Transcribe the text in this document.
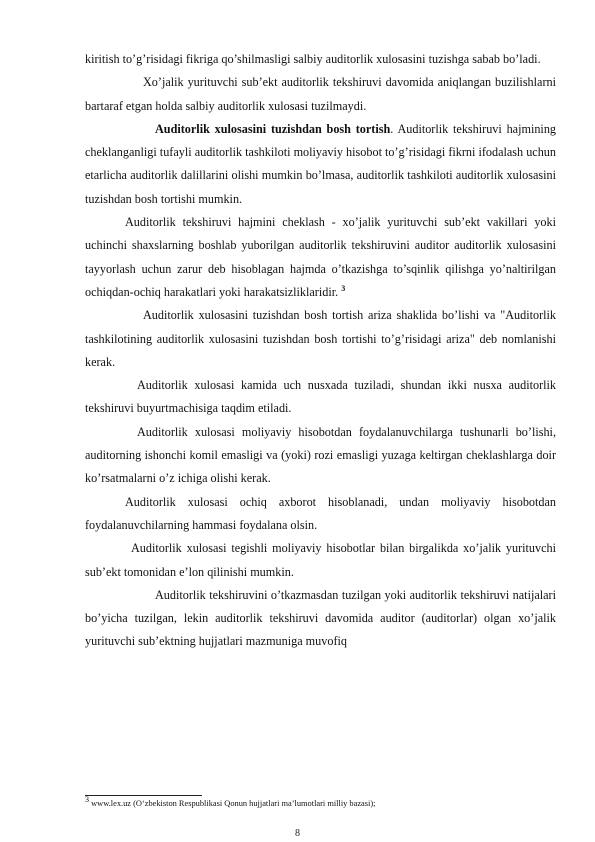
kiritish to’g’risidagi fikriga qo’shilmasligi salbiy auditorlik xulosasini tuzishga sabab bo’ladi.

Xo’jalik yurituvchi sub’ekt auditorlik tekshiruvi davomida aniqlangan buzilishlarni bartaraf etgan holda salbiy auditorlik xulosasi tuzilmaydi.

Auditorlik xulosasini tuzishdan bosh tortish. Auditorlik tekshiruvi hajmining cheklanganligi tufayli auditorlik tashkiloti moliyaviy hisobot to’g’risidagi fikrni ifodalash uchun etarlicha auditorlik dalillarini olishi mumkin bo’lmasa, auditorlik tashkiloti auditorlik xulosasini tuzishdan bosh tortishi mumkin.

Auditorlik tekshiruvi hajmini cheklash - xo’jalik yurituvchi sub’ekt vakillari yoki uchinchi shaxslarning boshlab yuborilgan auditorlik tekshiruvini auditor auditorlik xulosasini tayyorlash uchun zarur deb hisoblagan hajmda o’tkazishga to’sqinlik qilishga yo’naltirilgan ochiqdan-ochiq harakatlari yoki harakatsizliklaridir. $^3$

Auditorlik xulosasini tuzishdan bosh tortish ariza shaklida bo’lishi va "Auditorlik tashkilotining auditorlik xulosasini tuzishdan bosh tortishi to’g’risidagi ariza" deb nomlanishi kerak.

Auditorlik xulosasi kamida uch nusxada tuziladi, shundan ikki nusxa auditorlik tekshiruvi buyurtmachisiga taqdim etiladi.

Auditorlik xulosasi moliyaviy hisobotdan foydalanuvchilarga tushunarli bo’lishi, auditorning ishonchi komil emasligi va (yoki) rozi emasligi yuzaga keltirgan cheklashlarga doir ko’rsatmalarni o’z ichiga olishi kerak.

Auditorlik xulosasi ochiq axborot hisoblanadi, undan moliyaviy hisobotdan foydalanuvchilarning hammasi foydalana olsin.

Auditorlik xulosasi tegishli moliyaviy hisobotlar bilan birgalikda xo’jalik yurituvchi sub’ekt tomonidan e’lon qilinishi mumkin.

Auditorlik tekshiruvini o’tkazmasdan tuzilgan yoki auditorlik tekshiruvi natijalari bo’yicha tuzilgan, lekin auditorlik tekshiruvi davomida auditor (auditorlar) olgan xo’jalik yurituvchi sub’ektning hujjatlari mazmuniga muvofiq

$^3$ www.lex.uz (O‘zbekiston Respublikasi Qonun hujjatlari ma’lumotlari milliy bazasi);
8
